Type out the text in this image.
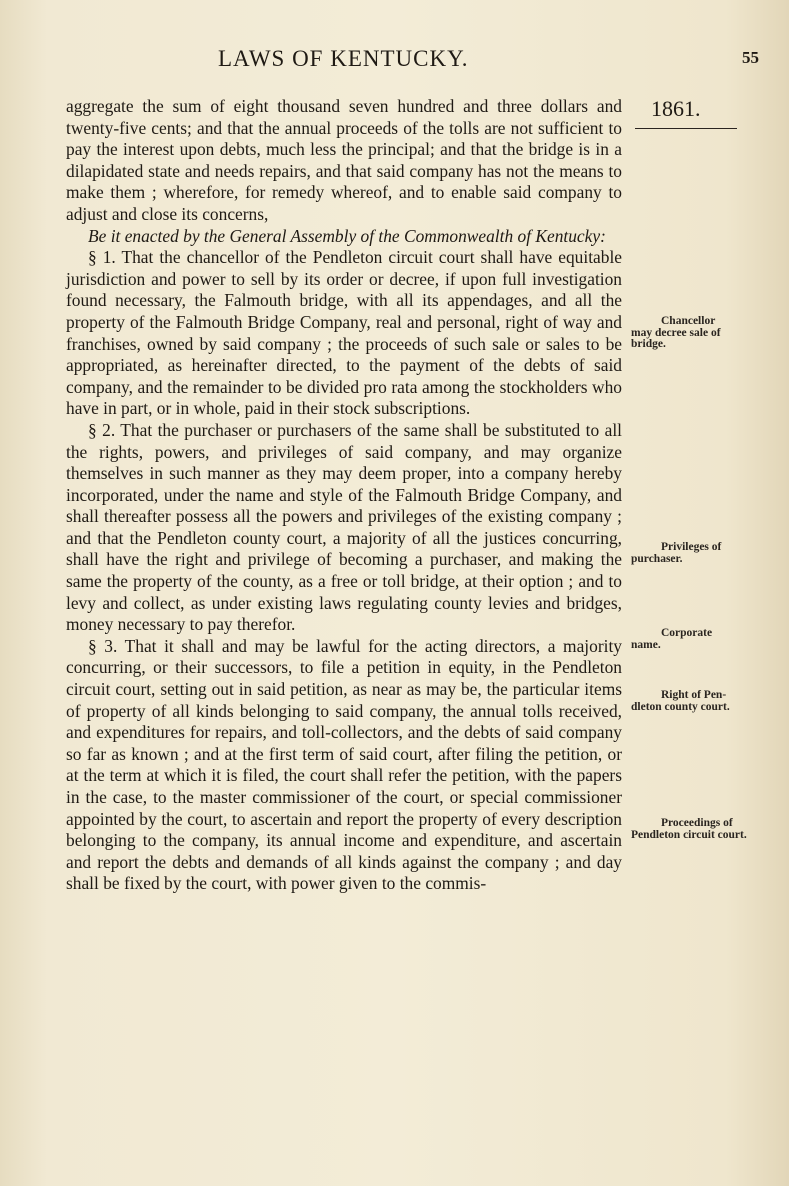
LAWS OF KENTUCKY.	55
1861.

aggregate the sum of eight thousand seven hundred and three dollars and twenty-five cents; and that the annual proceeds of the tolls are not sufficient to pay the interest upon debts, much less the principal; and that the bridge is in a dilapidated state and needs repairs, and that said company has not the means to make them ; wherefore, for remedy whereof, and to enable said company to adjust and close its concerns,

Be it enacted by the General Assembly of the Commonwealth of Kentucky:

§ 1. That the chancellor of the Pendleton circuit court shall have equitable jurisdiction and power to sell by its order or decree, if upon full investigation found necessary, the Falmouth bridge, with all its appendages, and all the property of the Falmouth Bridge Company, real and personal, right of way and franchises, owned by said company ; the proceeds of such sale or sales to be appropriated, as hereinafter directed, to the payment of the debts of said company, and the remainder to be divided pro rata among the stockholders who have in part, or in whole, paid in their stock subscriptions.

§ 2. That the purchaser or purchasers of the same shall be substituted to all the rights, powers, and privileges of said company, and may organize themselves in such manner as they may deem proper, into a company hereby incorporated, under the name and style of the Falmouth Bridge Company, and shall thereafter possess all the powers and privileges of the existing company ; and that the Pendleton county court, a majority of all the justices concurring, shall have the right and privilege of becoming a purchaser, and making the same the property of the county, as a free or toll bridge, at their option ; and to levy and collect, as under existing laws regulating county levies and bridges, money necessary to pay therefor.

§ 3. That it shall and may be lawful for the acting directors, a majority concurring, or their successors, to file a petition in equity, in the Pendleton circuit court, setting out in said petition, as near as may be, the particular items of property of all kinds belonging to said company, the annual tolls received, and expenditures for repairs, and toll-collectors, and the debts of said company so far as known ; and at the first term of said court, after filing the petition, or at the term at which it is filed, the court shall refer the petition, with the papers in the case, to the master commissioner of the court, or special commissioner appointed by the court, to ascertain and report the property of every description belonging to the company, its annual income and expenditure, and ascertain and report the debts and demands of all kinds against the company ; and day shall be fixed by the court, with power given to the commis-

Chancellor
may decree sale of bridge.
Privileges of
purchaser.
Corporate
name.
Right of Pen-
dleton county court.
Proceedings of
Pendleton circuit court.
